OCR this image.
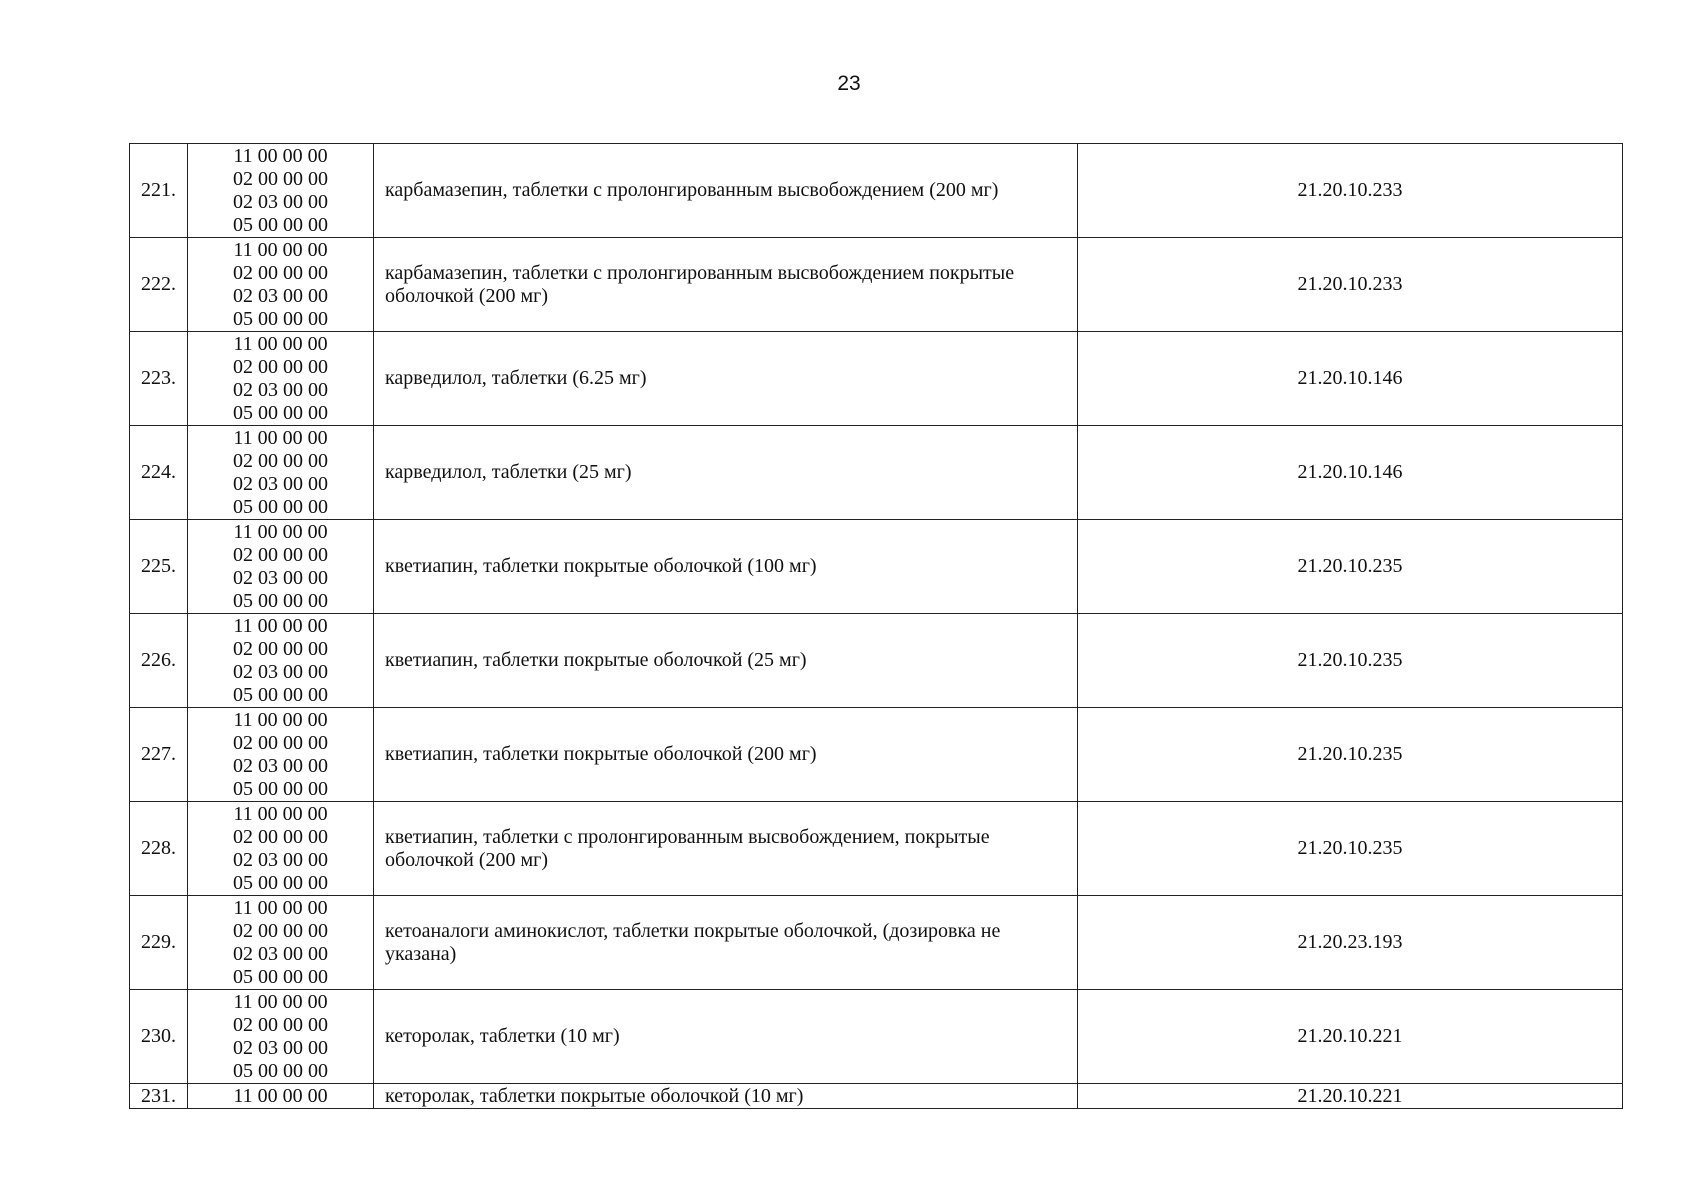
23
221.	11 00 00 00
02 00 00 00
02 03 00 00
05 00 00 00	карбамазепин, таблетки с пролонгированным высвобождением (200 мг)	21.20.10.233
222.	11 00 00 00
02 00 00 00
02 03 00 00
05 00 00 00	карбамазепин, таблетки с пролонгированным высвобождением покрытые оболочкой (200 мг)	21.20.10.233
223.	11 00 00 00
02 00 00 00
02 03 00 00
05 00 00 00	карведилол, таблетки (6.25 мг)	21.20.10.146
224.	11 00 00 00
02 00 00 00
02 03 00 00
05 00 00 00	карведилол, таблетки (25 мг)	21.20.10.146
225.	11 00 00 00
02 00 00 00
02 03 00 00
05 00 00 00	кветиапин, таблетки покрытые оболочкой (100 мг)	21.20.10.235
226.	11 00 00 00
02 00 00 00
02 03 00 00
05 00 00 00	кветиапин, таблетки покрытые оболочкой (25 мг)	21.20.10.235
227.	11 00 00 00
02 00 00 00
02 03 00 00
05 00 00 00	кветиапин, таблетки покрытые оболочкой (200 мг)	21.20.10.235
228.	11 00 00 00
02 00 00 00
02 03 00 00
05 00 00 00	кветиапин, таблетки с пролонгированным высвобождением, покрытые оболочкой (200 мг)	21.20.10.235
229.	11 00 00 00
02 00 00 00
02 03 00 00
05 00 00 00	кетоаналоги аминокислот, таблетки покрытые оболочкой, (дозировка не указана)	21.20.23.193
230.	11 00 00 00
02 00 00 00
02 03 00 00
05 00 00 00	кеторолак, таблетки (10 мг)	21.20.10.221
231.	11 00 00 00	кеторолак, таблетки покрытые оболочкой (10 мг)	21.20.10.221
